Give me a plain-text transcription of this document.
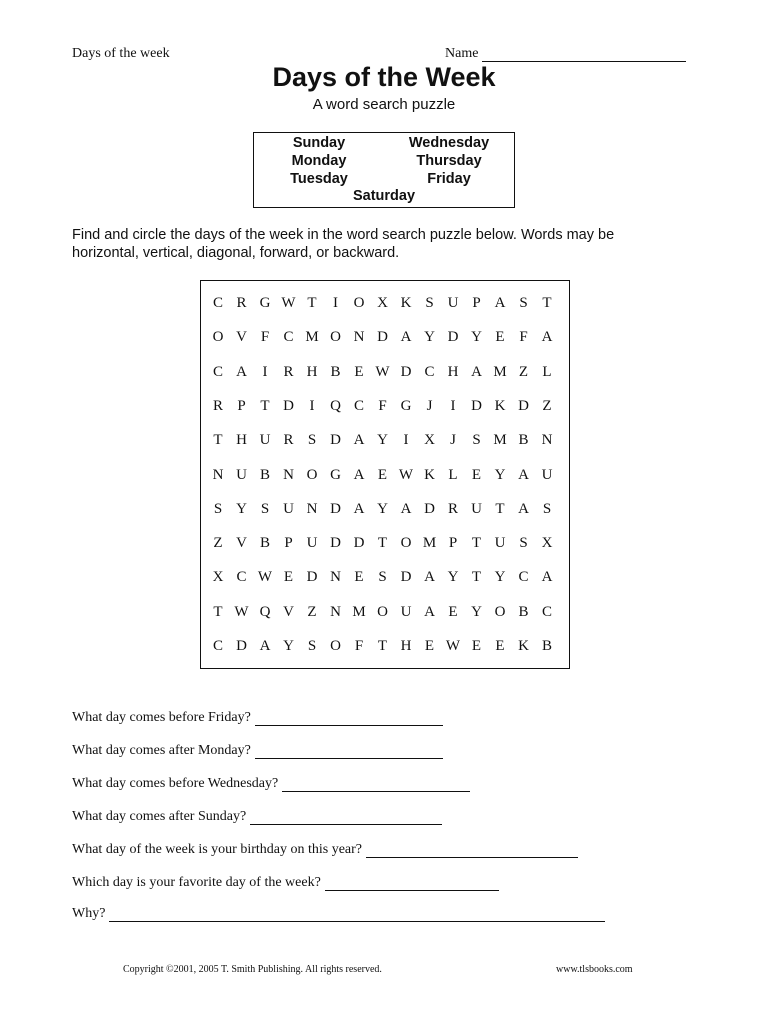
Days of the week	Name
Days of the Week
A word search puzzle
Sunday
Monday
Tuesday
Wednesday
Thursday
Friday
Saturday
Find and circle the days of the week in the word search puzzle below. Words may be horizontal, vertical, diagonal, forward, or backward.
C R G W T	I	O X K S U P A S T
O V F C M O N D A Y D Y E F A
C A	I	R H B E W D C H A M Z L
R P T D	I	Q C F G	J	I	D K D Z
T H U R S D A Y	I	X	J	S M B N
N U B N O G A E W K L E Y A U
S Y S U N D A Y A D R U T A S
Z V B P U D D T O M P T U S X
X C W E D N E S D A Y T Y C A
T W Q V Z N M O U A E Y O B C
C D A Y S O F T H E W E E K B
What day comes before Friday?
What day comes after Monday?
What day comes before Wednesday?
What day comes after Sunday?
What day of the week is your birthday on this year?
Which day is your favorite day of the week?
Why?
Copyright ©2001, 2005 T. Smith Publishing. All rights reserved.	www.tlsbooks.com
